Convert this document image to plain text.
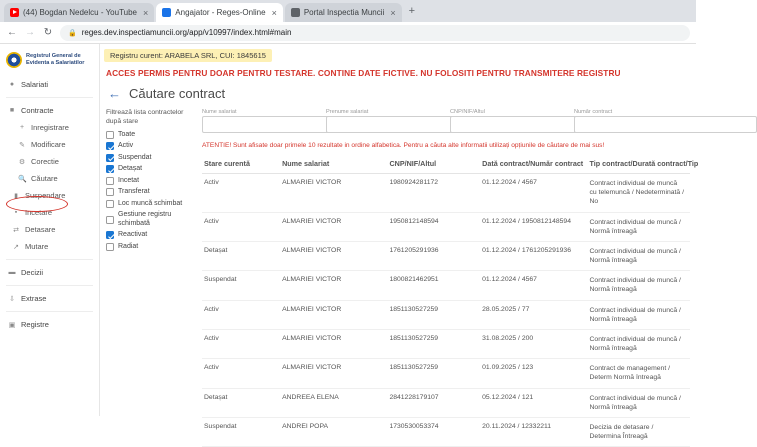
(44) Bogdan Nedelcu - YouTube ×	Angajator - Reges-Online ×	Portal Inspectia Muncii ×	+
← → ↻ 🔒 reges.dev.inspectiamuncii.org/app/v10997/index.html#main
Registrul General de
Evidenta a Salariatilor
● Salariati
■ Contracte
+ Inregistrare
✎ Modificare
⚙ Corectie
🔍 Căutare
▮ Suspendare
▪	Incetare
⇄ Detasare
↗ Mutare
▬ Decizii
⇩ Extrase
▣ Registre
Registru curent: ARABELA SRL, CUI: 1845615
ACCES PERMIS PENTRU DOAR PENTRU TESTARE. CONTINE DATE FICTIVE. NU FOLOSITI PENTRU TRANSMITERE REGISTRU
← Căutare contract
Filtrează lista contractelor după stare
Toate
Activ
Suspendat
Detașat
Incetat
Transferat
Loc muncă schimbat
Gestiune registru schimbată
Reactivat
Radiat
Nume salariat	Prenume salariat	CNP/NIF/Altul	Număr contract
ATENTIE! Sunt afisate doar primele 10 rezultate in ordine alfabetica. Pentru a căuta alte informatii utilizați opțiunile de căutare de mai sus!
Stare curentă	Nume salariat	CNP/NIF/Altul	Dată contract/Număr contract	Tip contract/Durată contract/Tip
Activ	ALMARIEI VICTOR	1980924281172	01.12.2024 / 4567	Contract individual de muncă cu telemuncă / Nedeterminată / No
Activ	ALMARIEI VICTOR	1950812148594	01.12.2024 / 1950812148594	Contract individual de muncă / Normă întreagă
Detașat	ALMARIEI VICTOR	1761205291936	01.12.2024 / 1761205291936	Contract individual de muncă / Normă întreagă
Suspendat	ALMARIEI VICTOR	1800821462951	01.12.2024 / 4567	Contract individual de muncă / Normă întreagă
Activ	ALMARIEI VICTOR	1851130527259	28.05.2025 / 77	Contract individual de muncă / Normă întreagă
Activ	ALMARIEI VICTOR	1851130527259	31.08.2025 / 200	Contract individual de muncă / Normă întreagă
Activ	ALMARIEI VICTOR	1851130527259	01.09.2025 / 123	Contract de management / Determ Normă întreagă
Detașat	ANDREEA ELENA	2841228179107	05.12.2024 / 121	Contract individual de muncă / Normă întreagă
Suspendat	ANDREI POPA	1730530053374	20.11.2024 / 12332211	Decizia de detasare / Determina Întreagă
